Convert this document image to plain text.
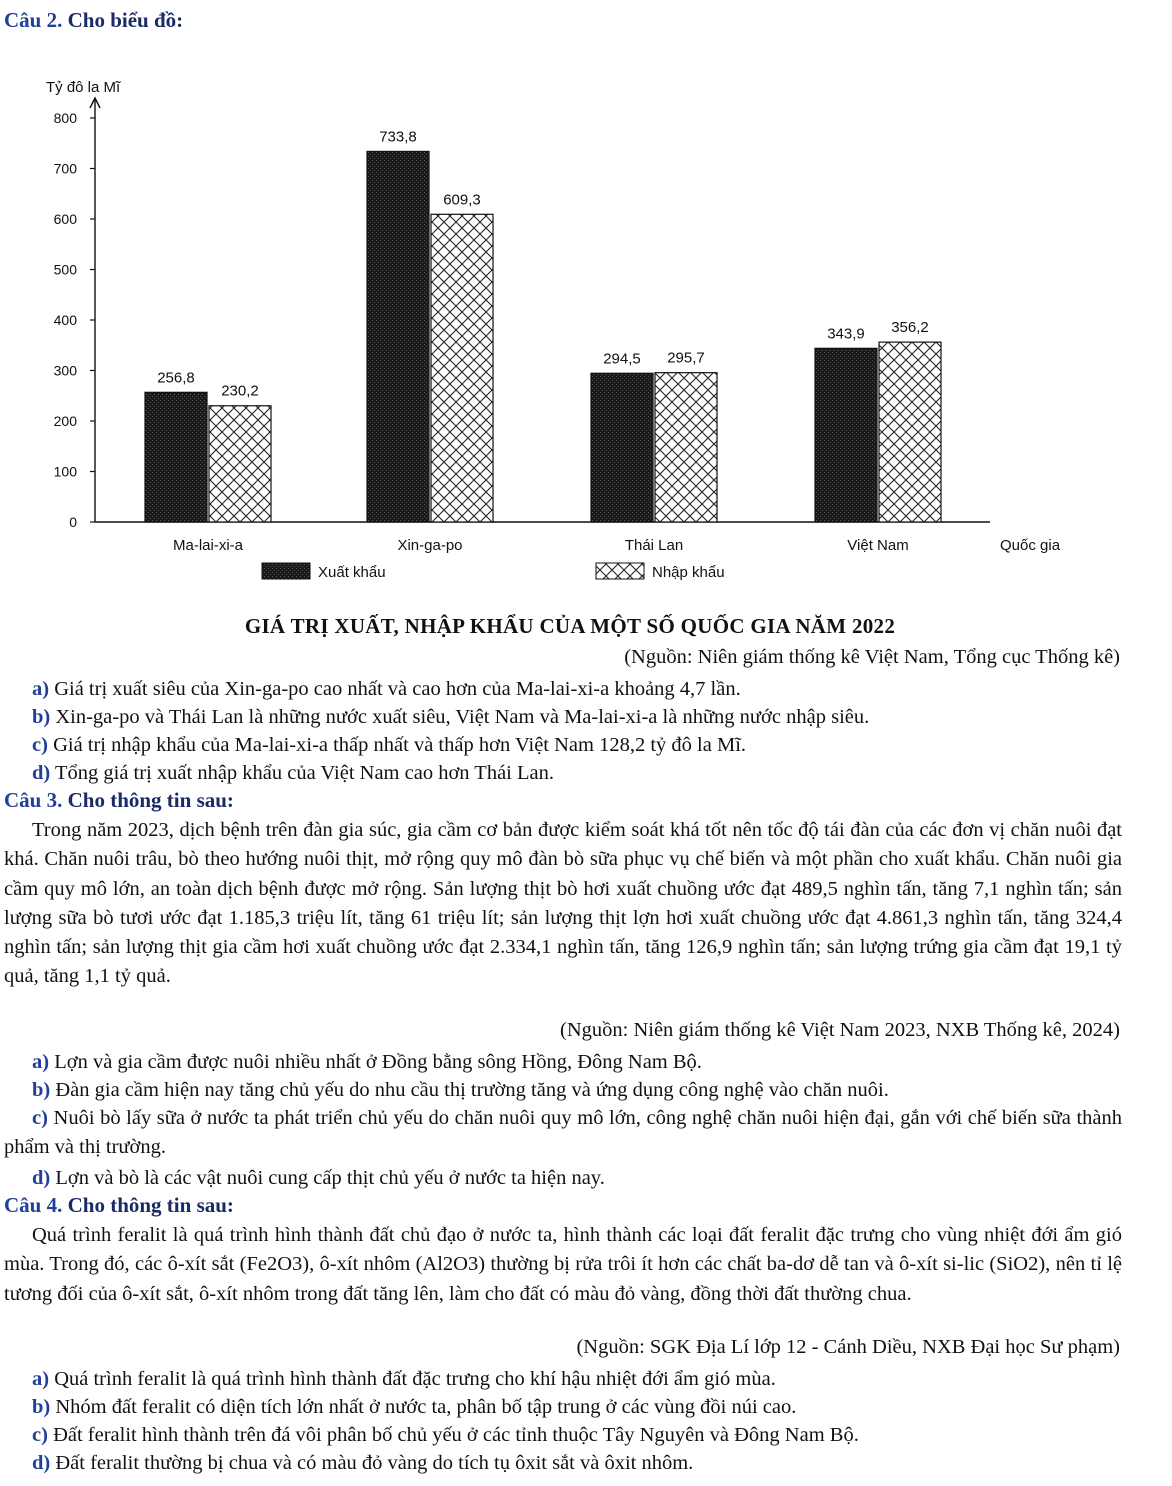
Câu 2. Cho biểu đồ:
Tỷ đô la Mĩ
0
100
200
300
400
500
600
700
800
Quốc gia
256,8
230,2
Ma-lai-xi-a
733,8
609,3
Xin-ga-po
294,5 295,7
Thái Lan
343,9 356,2
Việt Nam
Xuất khẩu	Nhập khẩu
GIÁ TRỊ XUẤT, NHẬP KHẨU CỦA MỘT SỐ QUỐC GIA NĂM 2022
(Nguồn: Niên giám thống kê Việt Nam, Tổng cục Thống kê)
a) Giá trị xuất siêu của Xin-ga-po cao nhất và cao hơn của Ma-lai-xi-a khoảng 4,7 lần.
b) Xin-ga-po và Thái Lan là những nước xuất siêu, Việt Nam và Ma-lai-xi-a là những nước nhập siêu.
c) Giá trị nhập khẩu của Ma-lai-xi-a thấp nhất và thấp hơn Việt Nam 128,2 tỷ đô la Mĩ.
d) Tổng giá trị xuất nhập khẩu của Việt Nam cao hơn Thái Lan.
Câu 3. Cho thông tin sau:
Trong năm 2023, dịch bệnh trên đàn gia súc, gia cầm cơ bản được kiểm soát khá tốt nên tốc độ tái đàn của các đơn vị chăn nuôi đạt khá. Chăn nuôi trâu, bò theo hướng nuôi thịt, mở rộng quy mô đàn bò sữa phục vụ chế biến và một phần cho xuất khẩu. Chăn nuôi gia cầm quy mô lớn, an toàn dịch bệnh được mở rộng. Sản lượng thịt bò hơi xuất chuồng ước đạt 489,5 nghìn tấn, tăng 7,1 nghìn tấn; sản lượng sữa bò tươi ước đạt 1.185,3 triệu lít, tăng 61 triệu lít; sản lượng thịt lợn hơi xuất chuồng ước đạt 4.861,3 nghìn tấn, tăng 324,4 nghìn tấn; sản lượng thịt gia cầm hơi xuất chuồng ước đạt 2.334,1 nghìn tấn, tăng 126,9 nghìn tấn; sản lượng trứng gia cầm đạt 19,1 tỷ quả, tăng 1,1 tỷ quả.
(Nguồn: Niên giám thống kê Việt Nam 2023, NXB Thống kê, 2024)
a) Lợn và gia cầm được nuôi nhiều nhất ở Đồng bằng sông Hồng, Đông Nam Bộ.
b) Đàn gia cầm hiện nay tăng chủ yếu do nhu cầu thị trường tăng và ứng dụng công nghệ vào chăn nuôi.
c) Nuôi bò lấy sữa ở nước ta phát triển chủ yếu do chăn nuôi quy mô lớn, công nghệ chăn nuôi hiện đại, gắn với chế biến sữa thành phẩm và thị trường.
d) Lợn và bò là các vật nuôi cung cấp thịt chủ yếu ở nước ta hiện nay.
Câu 4. Cho thông tin sau:
Quá trình feralit là quá trình hình thành đất chủ đạo ở nước ta, hình thành các loại đất feralit đặc trưng cho vùng nhiệt đới ẩm gió mùa. Trong đó, các ô-xít sắt (Fe2O3), ô-xít nhôm (Al2O3) thường bị rửa trôi ít hơn các chất ba-dơ dễ tan và ô-xít si-lic (SiO2), nên tỉ lệ tương đối của ô-xít sắt, ô-xít nhôm trong đất tăng lên, làm cho đất có màu đỏ vàng, đồng thời đất thường chua.
(Nguồn: SGK Địa Lí lớp 12 - Cánh Diều, NXB Đại học Sư phạm)
a) Quá trình feralit là quá trình hình thành đất đặc trưng cho khí hậu nhiệt đới ẩm gió mùa.
b) Nhóm đất feralit có diện tích lớn nhất ở nước ta, phân bố tập trung ở các vùng đồi núi cao.
c) Đất feralit hình thành trên đá vôi phân bố chủ yếu ở các tỉnh thuộc Tây Nguyên và Đông Nam Bộ.
d) Đất feralit thường bị chua và có màu đỏ vàng do tích tụ ôxit sắt và ôxit nhôm.
